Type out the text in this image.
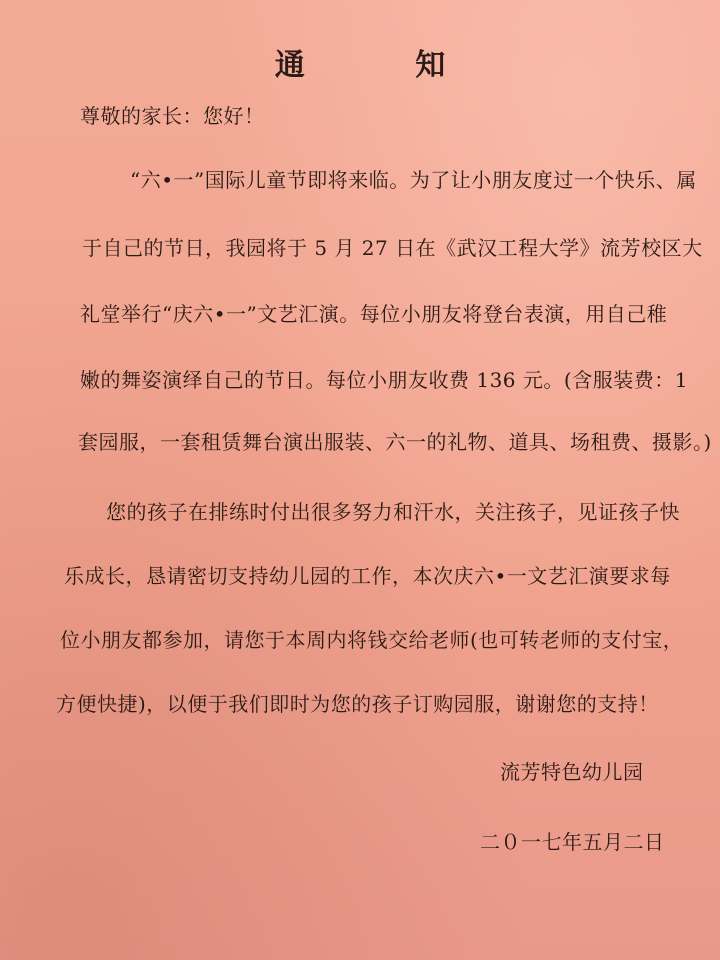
通 知
尊敬的家长：您好！
“六•一”国际儿童节即将来临。为了让小朋友度过一个快乐、属
于自己的节日，我园将于 5 月 27 日在《武汉工程大学》流芳校区大
礼堂举行“庆六•一”文艺汇演。每位小朋友将登台表演，用自己稚
嫩的舞姿演绎自己的节日。每位小朋友收费 136 元。(含服装费：1
套园服，一套租赁舞台演出服装、六一的礼物、道具、场租费、摄影。)
您的孩子在排练时付出很多努力和汗水，关注孩子，见证孩子快
乐成长，恳请密切支持幼儿园的工作，本次庆六•一文艺汇演要求每
位小朋友都参加，请您于本周内将钱交给老师(也可转老师的支付宝，
方便快捷)，以便于我们即时为您的孩子订购园服，谢谢您的支持！
流芳特色幼儿园
二０一七年五月二日
